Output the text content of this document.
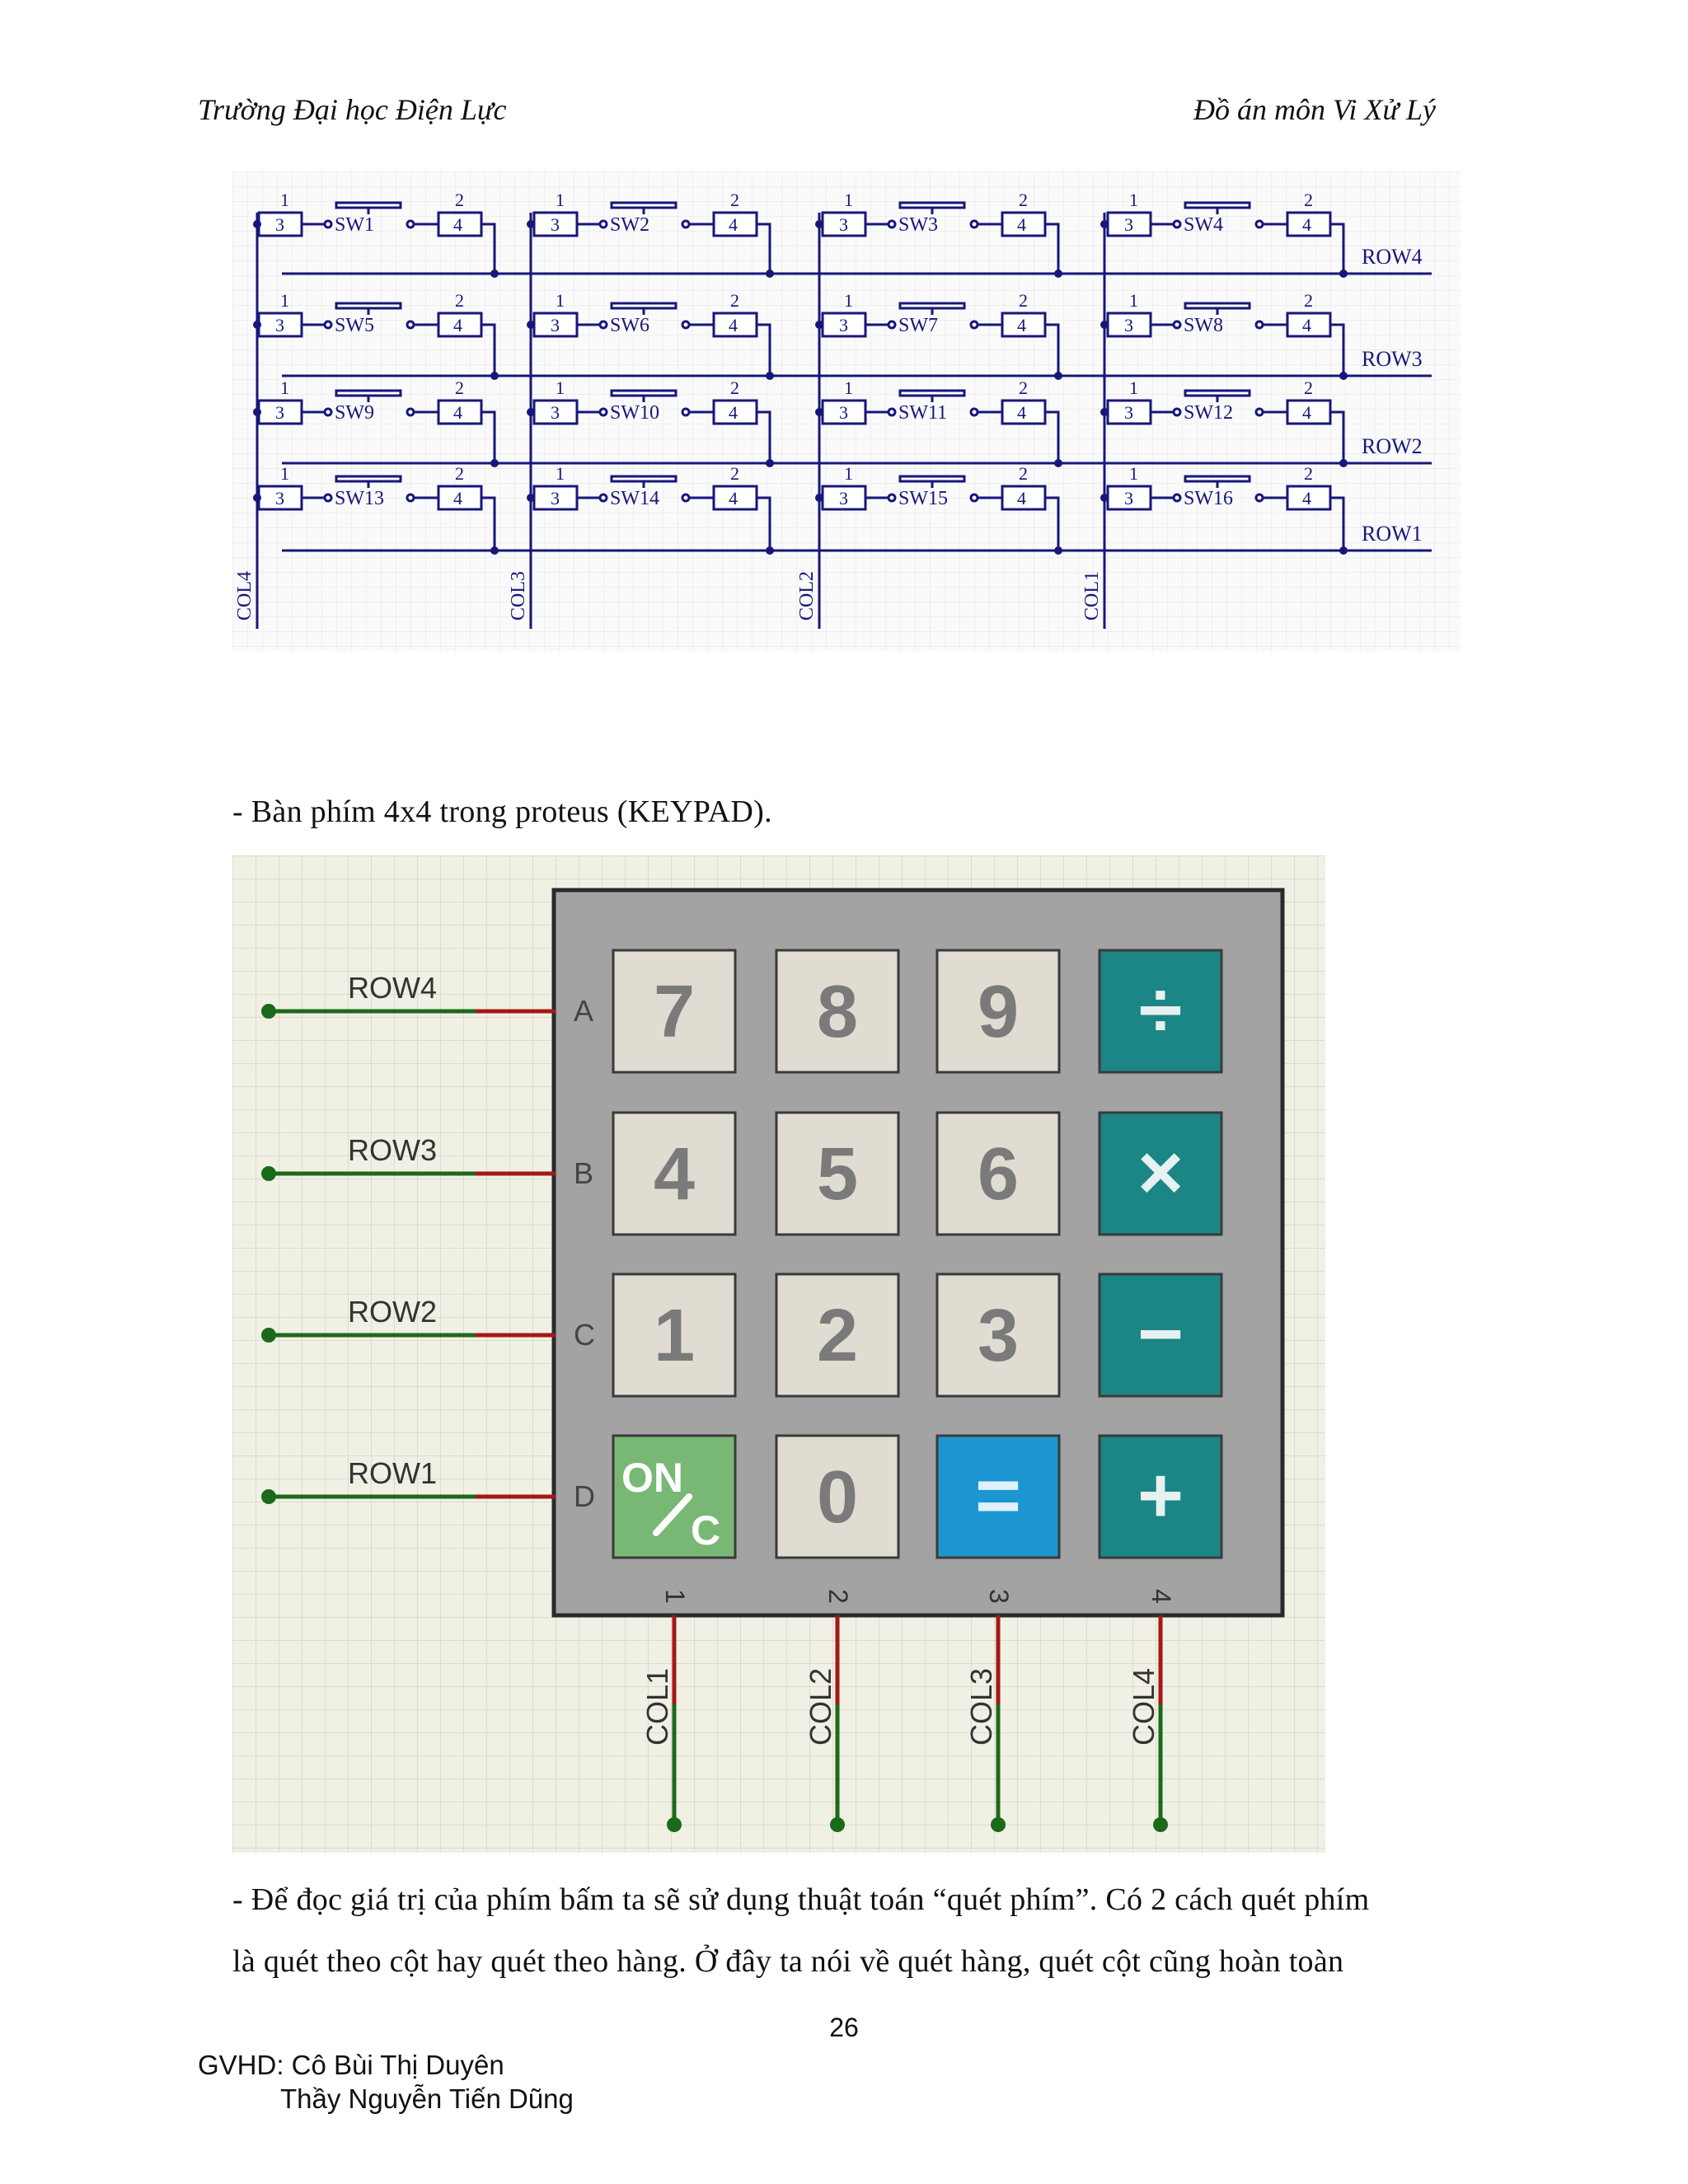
Trường Đại học Điện Lực	Đồ án môn Vi Xử Lý
COL4	COL3	COL2	COL1
ROW4
ROW3
ROW2
ROW1
3
1
4
2
SW1	3
1
4
2
SW2	3
1
4
2
SW3	3
1
4
2
SW4
3
1
4
2
SW5	3
1
4
2
SW6	3
1
4
2
SW7	3
1
4
2
SW8
3
1
4
2
SW9	3
1
4
2
SW10	3
1
4
2
SW11	3
1
4
2
SW12
3
1
4
2
SW13	3
1
4
2
SW14	3
1
4
2
SW15	3
1
4
2
SW16
- Bàn phím 4x4 trong proteus (KEYPAD).
ROW4
A
ROW3
B
ROW2
C
ROW1
D
COL1
1
COL2
2
COL3
3
COL4
4
7 8 9 ÷
4 5 6 ×
1 2 3 −
ON
C 0 = +
- Để đọc giá trị của phím bấm ta sẽ sử dụng thuật toán “quét phím”. Có 2 cách quét phím
là quét theo cột hay quét theo hàng. Ở đây ta nói về quét hàng, quét cột cũng hoàn toàn
26
GVHD: Cô Bùi Thị Duyên
Thầy Nguyễn Tiến Dũng
